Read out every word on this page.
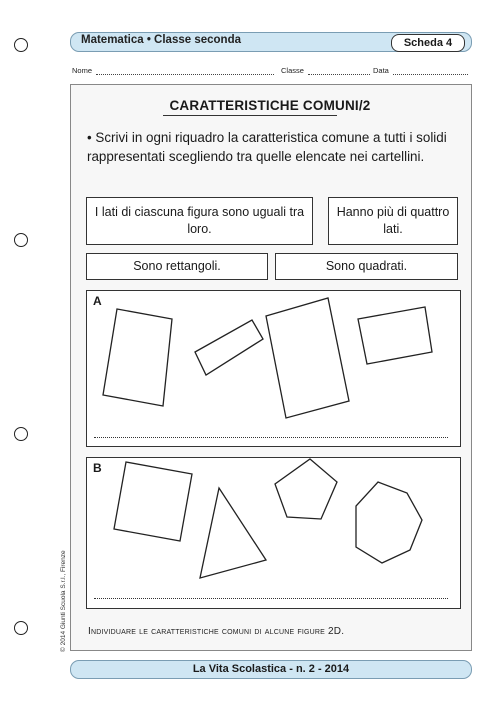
Matematica • Classe seconda	Scheda 4
Nome	Classe	Data
CARATTERISTICHE COMUNI/2
• Scrivi in ogni riquadro la caratteristica comune a tutti i solidi rappresentati scegliendo tra quelle elencate nei cartellini.
I lati di ciascuna figura sono uguali tra loro.
Hanno più di quattro lati.
Sono rettangoli.	Sono quadrati.
A
B
Individuare le caratteristiche comuni di alcune figure 2D.
© 2014 Giunti Scuola S.r.l., Firenze
La Vita Scolastica - n. 2 - 2014
